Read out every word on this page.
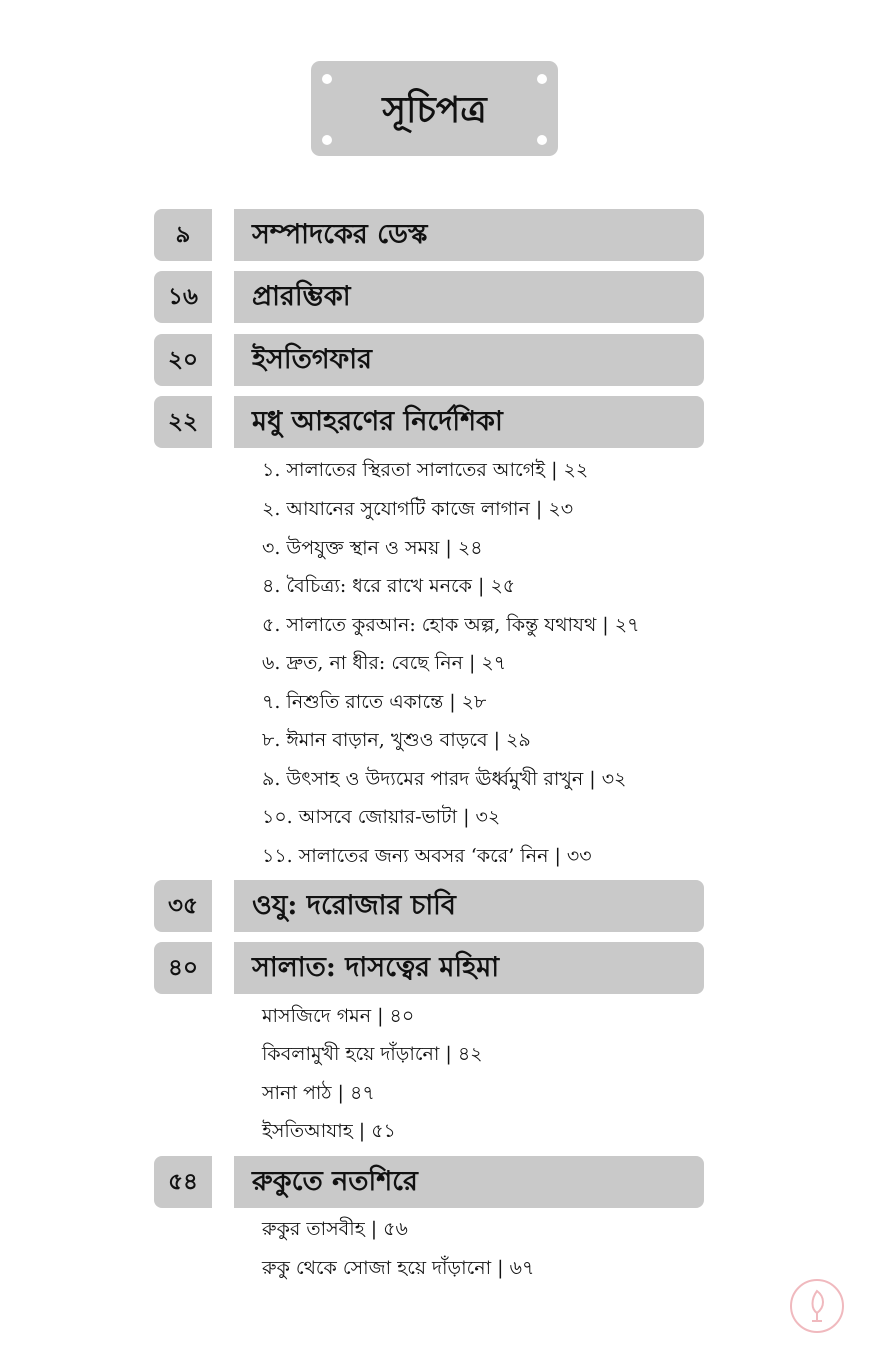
সূচিপত্র
৯	সম্পাদকের ডেস্ক
১৬	প্রারম্ভিকা
২০	ইসতিগফার
২২	মধু আহরণের নির্দেশিকা
১. সালাতের স্থিরতা সালাতের আগেই | ২২
২. আযানের সুযোগটি কাজে লাগান | ২৩
৩. উপযুক্ত স্থান ও সময় | ২৪
৪. বৈচিত্র্য: ধরে রাখে মনকে | ২৫
৫. সালাতে কুরআন: হোক অল্প, কিন্তু যথাযথ | ২৭
৬. দ্রুত, না ধীর: বেছে নিন | ২৭
৭. নিশুতি রাতে একান্তে | ২৮
৮. ঈমান বাড়ান, খুশুও বাড়বে | ২৯
৯. উৎসাহ ও উদ্যমের পারদ ঊর্ধ্বমুখী রাখুন | ৩২
১০. আসবে জোয়ার-ভাটা | ৩২
১১. সালাতের জন্য অবসর ‘করে’ নিন | ৩৩
৩৫	ওযু: দরোজার চাবি
৪০	সালাত: দাসত্বের মহিমা
মাসজিদে গমন | ৪০
কিবলামুখী হয়ে দাঁড়ানো | ৪২
সানা পাঠ | ৪৭
ইসতিআযাহ | ৫১
৫৪	রুকুতে নতশিরে
রুকুর তাসবীহ | ৫৬
রুকু থেকে সোজা হয়ে দাঁড়ানো | ৬৭
